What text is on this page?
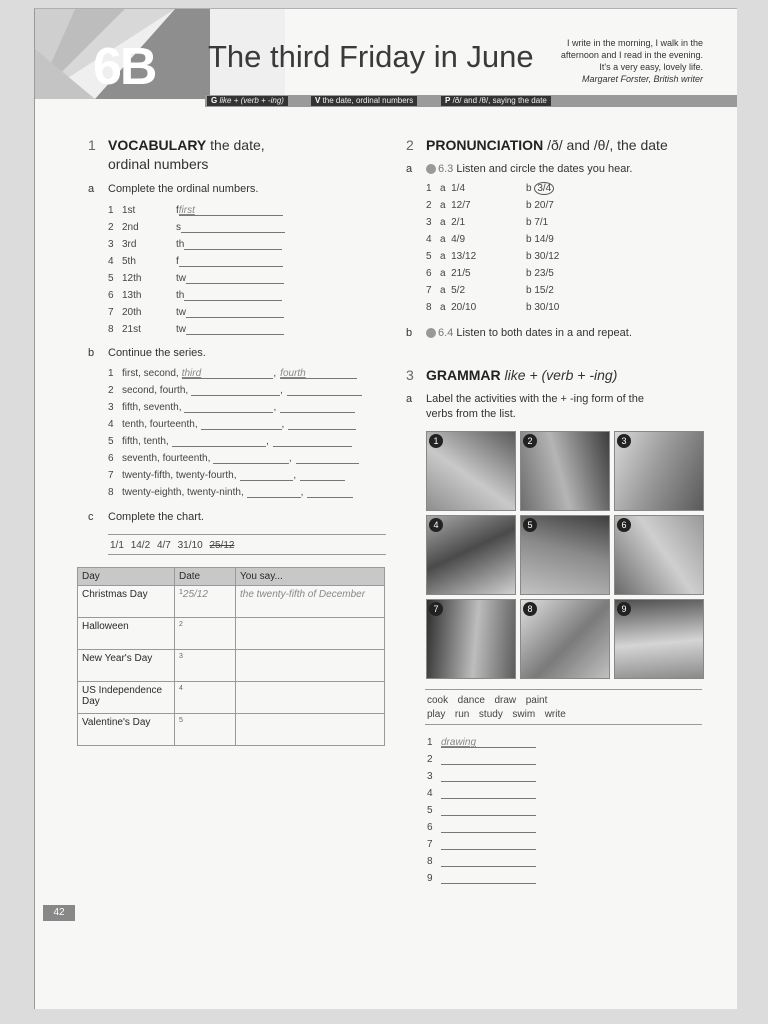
6B The third Friday in June	I write in the morning, I walk in the
afternoon and I read in the evening.
It's a very easy, lovely life.
Margaret Forster, British writer
G like + (verb + -ing)	V the date, ordinal numbers	P /ð/ and /θ/, saying the date
1 VOCABULARY the date,
ordinal numbers
a Complete the ordinal numbers.
1 1st	ffirst
2 2nd	s
3 3rd	th
4 5th	f
5 12th	tw
6 13th	th
7 20th	tw
8 21st	tw
b Continue the series.
1 first, second, third	, fourth
2 second, fourth,	,
3 fifth, seventh,	,
4 tenth, fourteenth,	,
5 fifth, tenth,	,
6 seventh, fourteenth,	,
7 twenty-fifth, twenty-fourth,	,
8 twenty-eighth, twenty-ninth,	,
c Complete the chart.
1/1 14/2 4/7 31/10 25/12
Day	Date	You say...
Christmas Day	$^1$25/12	the twenty-fifth of December
Halloween	$^2$	
New Year's Day	$^3$	
US Independence Day	$^4$	
Valentine's Day	$^5$	
2 PRONUNCIATION /ð/ and /θ/, the date
a 6.3 Listen and circle the dates you hear.
1 a  1/4	b 3/4
2 a  12/7	b 20/7
3 a  2/1	b 7/1
4 a  4/9	b 14/9
5 a  13/12	b 30/12
6 a  21/5	b 23/5
7 a  5/2	b 15/2
8 a  20/10	b 30/10
b 6.4 Listen to both dates in a and repeat.
3 GRAMMAR like + (verb + -ing)
a Label the activities with the + -ing form of the
verbs from the list.
1	2	3
4	5	6
7	8	9
cook  dance  draw  paint
play  run  study  swim  write
1 drawing
2
3
4
5
6
7
8
9
42
